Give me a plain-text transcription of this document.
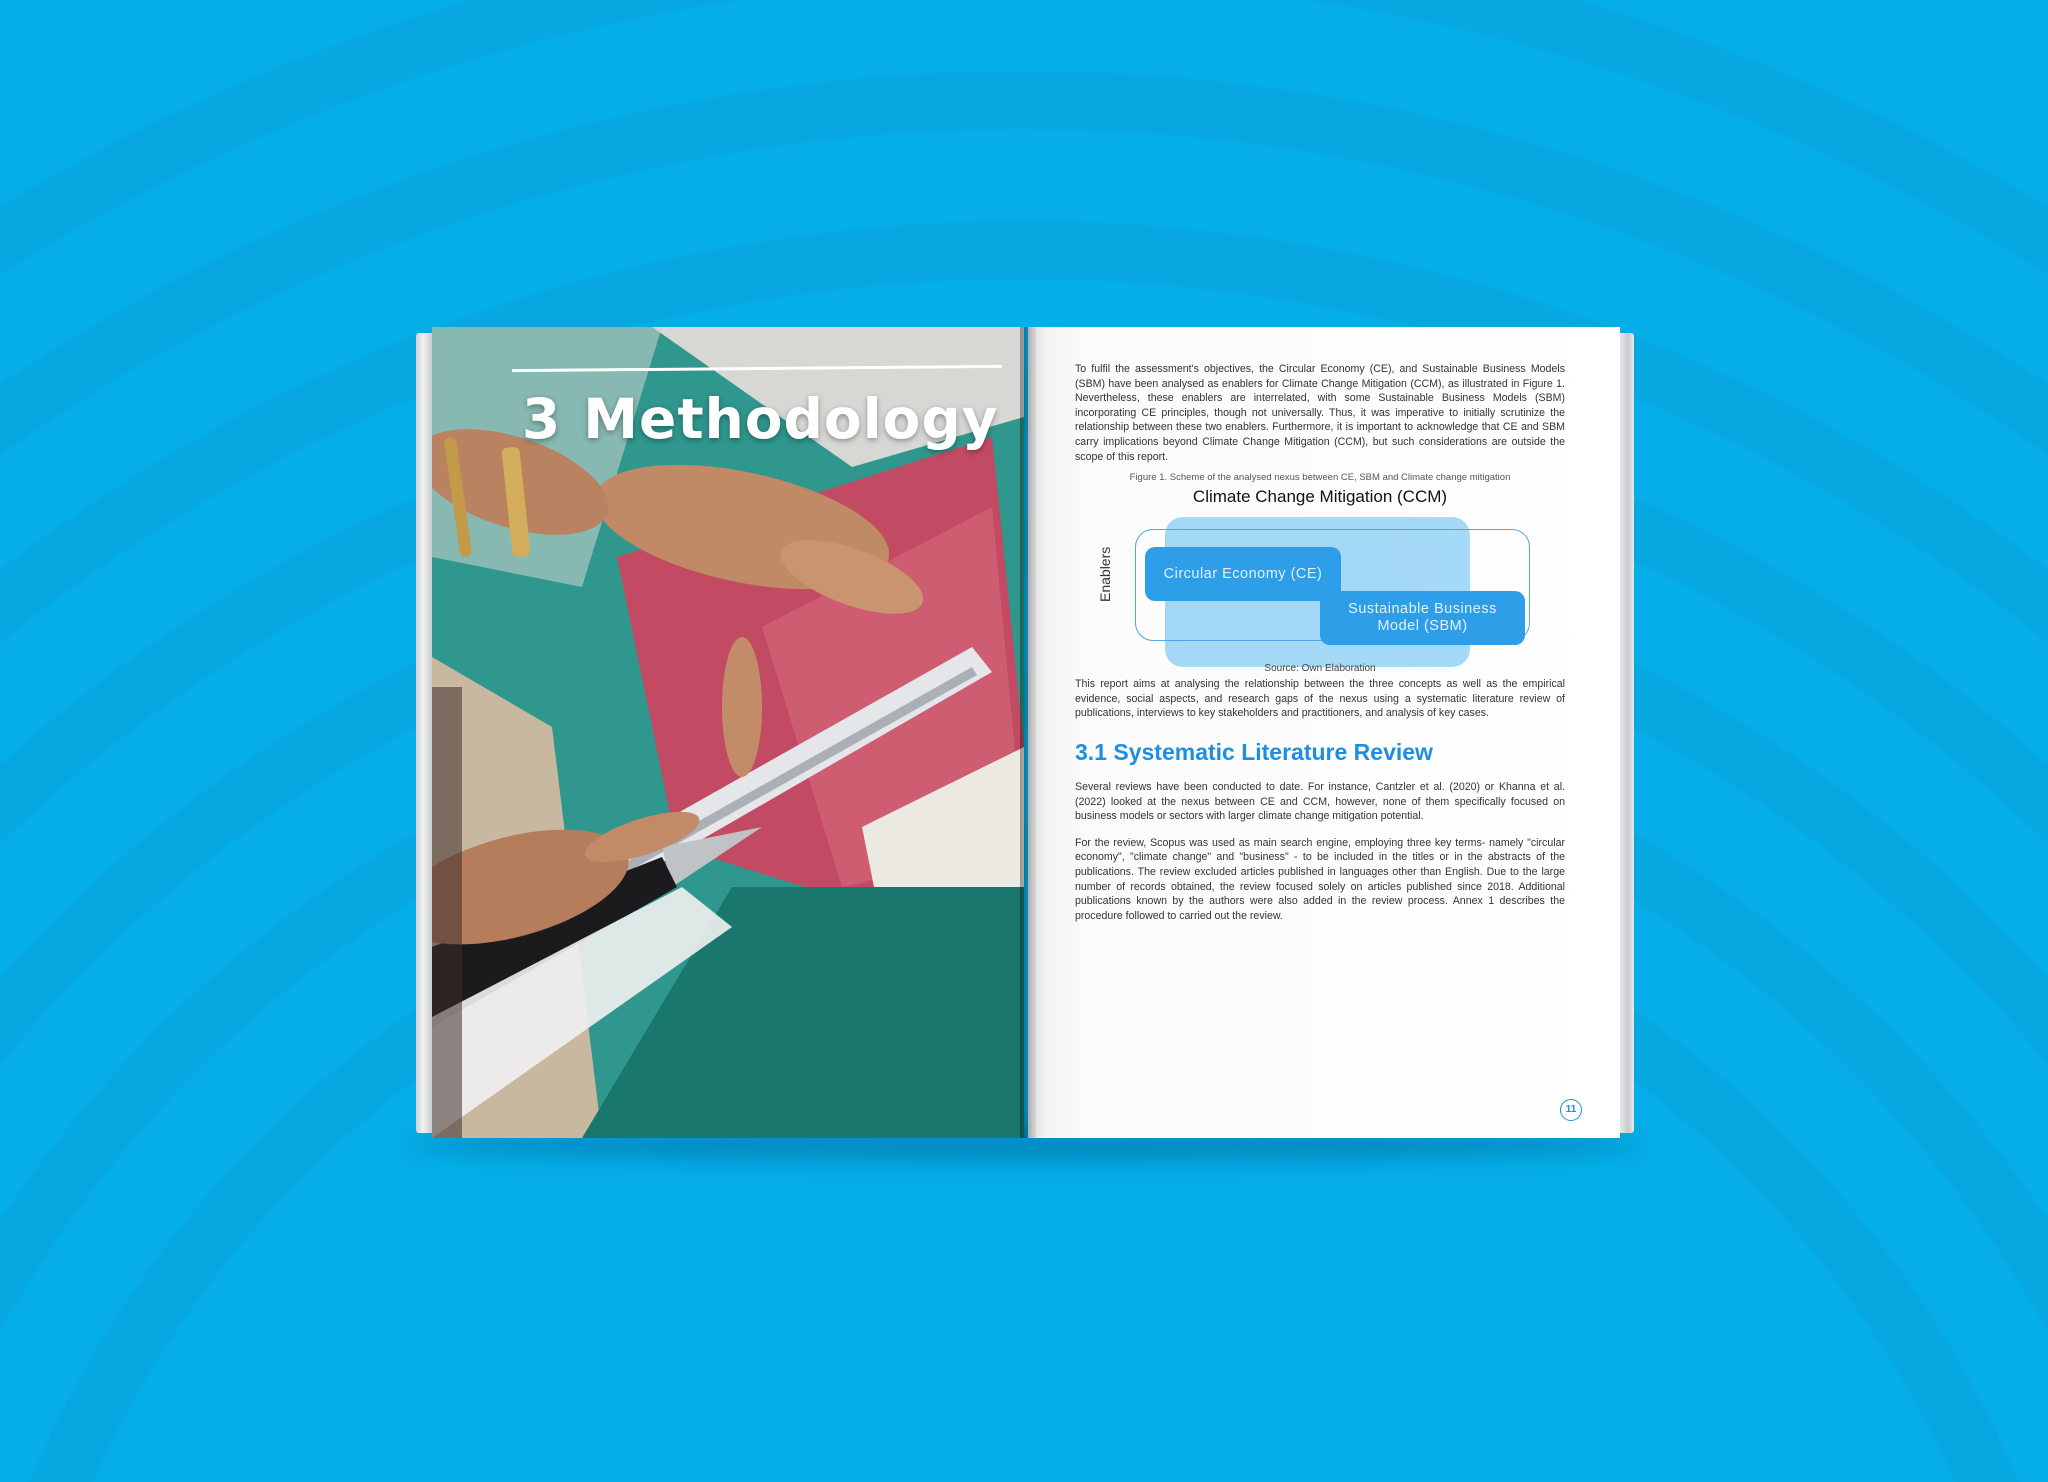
3 Methodology

To fulfil the assessment's objectives, the Circular Economy (CE), and Sustainable Business Models (SBM) have been analysed as enablers for Climate Change Mitigation (CCM), as illustrated in Figure 1. Nevertheless, these enablers are interrelated, with some Sustainable Business Models (SBM) incorporating CE principles, though not universally. Thus, it was imperative to initially scrutinize the relationship between these two enablers. Furthermore, it is important to acknowledge that CE and SBM carry implications beyond Climate Change Mitigation (CCM), but such considerations are outside the scope of this report.

Figure 1. Scheme of the analysed nexus between CE, SBM and Climate change mitigation
Climate Change Mitigation (CCM)
Enablers	Circular Economy (CE)
Sustainable Business Model (SBM)
Source: Own Elaboration

This report aims at analysing the relationship between the three concepts as well as the empirical evidence, social aspects, and research gaps of the nexus using a systematic literature review of publications, interviews to key stakeholders and practitioners, and analysis of key cases.

3.1 Systematic Literature Review

Several reviews have been conducted to date. For instance, Cantzler et al. (2020) or Khanna et al. (2022) looked at the nexus between CE and CCM, however, none of them specifically focused on business models or sectors with larger climate change mitigation potential.

For the review, Scopus was used as main search engine, employing three key terms- namely "circular economy", "climate change" and "business" - to be included in the titles or in the abstracts of the publications. The review excluded articles published in languages other than English. Due to the large number of records obtained, the review focused solely on articles published since 2018. Additional publications known by the authors were also added in the review process. Annex 1 describes the procedure followed to carried out the review.

11
